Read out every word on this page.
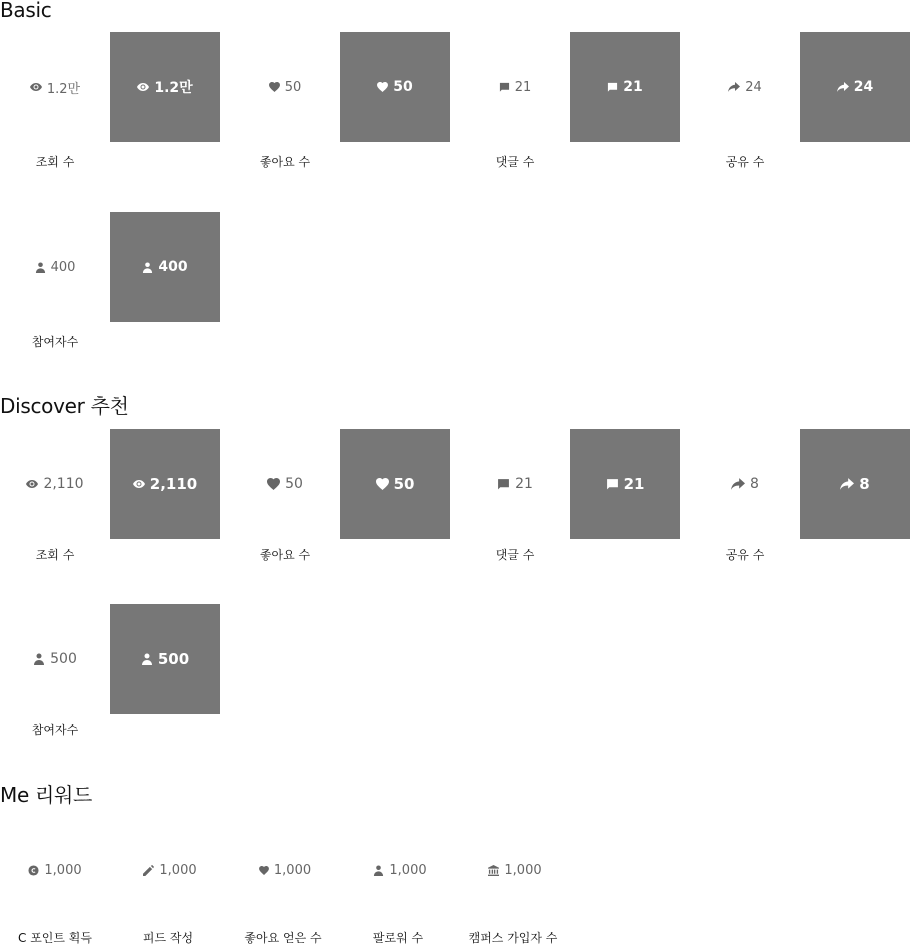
Basic
1.2만	1.2만
조회 수
50	50
좋아요 수
21	21
댓글 수
24	24
공유 수
400	400
참여자수
Discover 추천
2,110	2,110
조회 수
50	50
좋아요 수
21	21
댓글 수
8	8
공유 수
500	500
참여자수
Me 리워드
1,000
C 포인트 획득
1,000
피드 작성
1,000
좋아요 얻은 수
1,000
팔로워 수
1,000
캠퍼스 가입자 수
